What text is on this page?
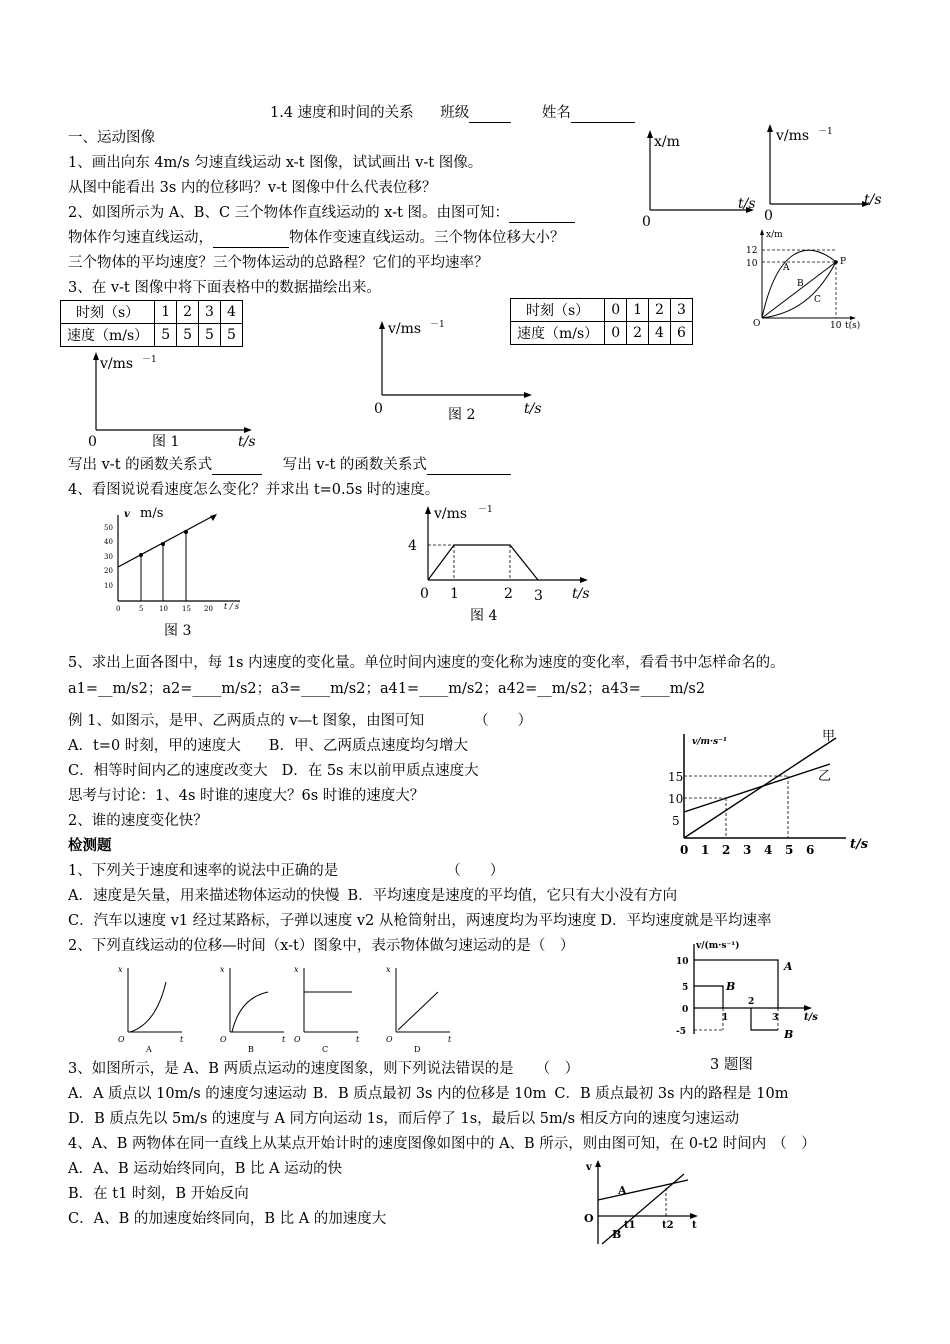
1.4 速度和时间的关系 班级	姓名
一、运动图像
1、画出向东 4m/s 匀速直线运动 x-t 图像，试试画出 v-t 图像。
从图中能看出 3s 内的位移吗？v-t 图像中什么代表位移？
2、如图所示为 A、B、C 三个物体作直线运动的 x-t 图。由图可知：
物体作匀速直线运动，	物体作变速直线运动。三个物体位移大小？
三个物体的平均速度？三个物体运动的总路程？它们的平均速率？
3、在 v-t 图像中将下面表格中的数据描绘出来。
x/m
0
t/s
v/ms －1
0
t/s
x/m
12
10	A
B
C
P
O	10 t(s)
时刻（s）	1	2	3	4
速度（m/s）	5	5	5	5
时刻（s）	0	1	2	3
速度（m/s）	0	2	4	6
v/ms －1
0	图 1	t/s
v/ms －1
0	图 2	t/s
写出 v-t 的函数关系式	写出 v-t 的函数关系式
4、看图说说看速度怎么变化？并求出 t=0.5s 时的速度。
v m/s
50
40
30
20
10
0	5 10 15 20 t / s
图 3
v/ms －1
4
0 1	2 3 t/s
图 4
5、求出上面各图中，每 1s 内速度的变化量。单位时间内速度的变化称为速度的变化率，看看书中怎样命名的。
a1=__m/s2；a2=____m/s2；a3=____m/s2；a41=____m/s2；a42=__m/s2；a43=____m/s2
例 1、如图示，是甲、乙两质点的 v—t 图象，由图可知	（　　）
A．t=0 时刻，甲的速度大 B．甲、乙两质点速度均匀增大
C．相等时间内乙的速度改变大 D．在 5s 末以前甲质点速度大
思考与讨论：1、4s 时谁的速度大？6s 时谁的速度大？
2、谁的速度变化快？
v/m·s⁻¹	甲
乙
15
10
5
0 1 2 3 4 5 6	t/s
检测题
1、下列关于速度和速率的说法中正确的是	（　　）
A．速度是矢量，用来描述物体运动的快慢 B．平均速度是速度的平均值，它只有大小没有方向
C．汽车以速度 v1 经过某路标，子弹以速度 v2 从枪筒射出，两速度均为平均速度 D．平均速度就是平均速率
2、下列直线运动的位移—时间（x-t）图象中，表示物体做匀速运动的是（　）
x
O	t
A
x
O	t
B
x
O	t
C
x
O	t
D
v/(m·s⁻¹)
10
5
0
-5
1
2
3	t/s
A
B
B
3 题图
3、如图所示，是 A、B 两质点运动的速度图象，则下列说法错误的是 （　）
A．A 质点以 10m/s 的速度匀速运动 B．B 质点最初 3s 内的位移是 10m C．B 质点最初 3s 内的路程是 10m
D．B 质点先以 5m/s 的速度与 A 同方向运动 1s，而后停了 1s，最后以 5m/s 相反方向的速度匀速运动
4、A、B 两物体在同一直线上从某点开始计时的速度图像如图中的 A、B 所示，则由图可知，在 0-t2 时间内 （　）
A．A、B 运动始终同向，B 比 A 运动的快
B．在 t1 时刻，B 开始反向
C．A、B 的加速度始终同向，B 比 A 的加速度大
v
O
A
B
t1	t2 t
